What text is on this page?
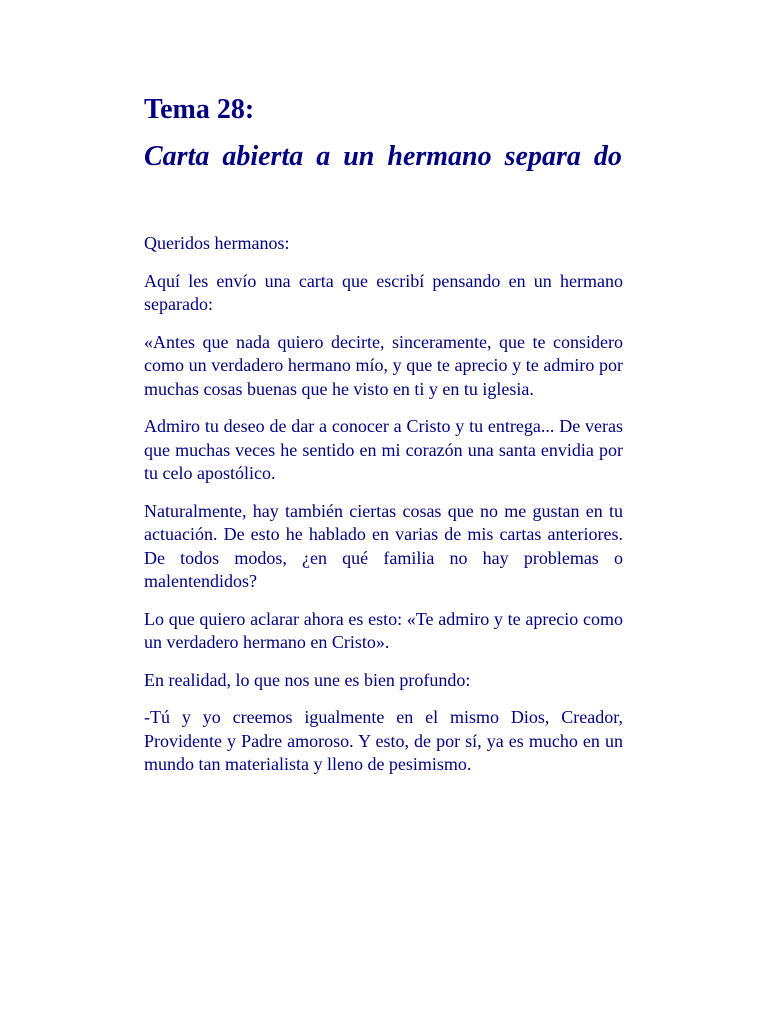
Tema 28:
Carta abierta a un hermano separa do

Queridos hermanos:

Aquí les envío una carta que escribí pensando en un hermano separado:

«Antes que nada quiero decirte, sinceramente, que te considero como un verdadero hermano mío, y que te aprecio y te admiro por muchas cosas buenas que he visto en ti y en tu iglesia.

Admiro tu deseo de dar a conocer a Cristo y tu entrega... De veras que muchas veces he sentido en mi corazón una santa envidia por tu celo apostólico.

Naturalmente, hay también ciertas cosas que no me gustan en tu actuación. De esto he hablado en varias de mis cartas anteriores. De todos modos, ¿en qué familia no hay problemas o malentendidos?

Lo que quiero aclarar ahora es esto: «Te admiro y te aprecio como un verdadero hermano en Cristo».

En realidad, lo que nos une es bien profundo:

-Tú y yo creemos igualmente en el mismo Dios, Creador, Providente y Padre amoroso. Y esto, de por sí, ya es mucho en un mundo tan materialista y lleno de pesimismo.
